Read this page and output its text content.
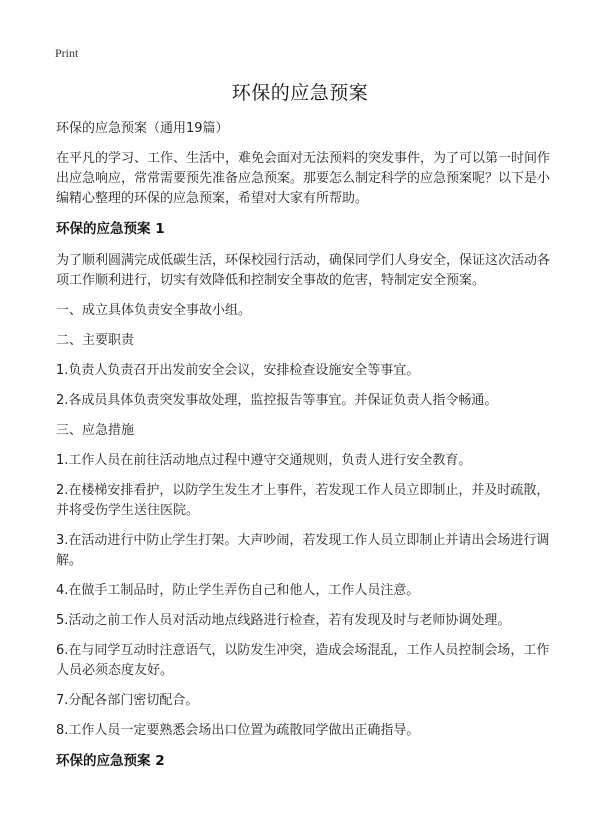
Print
环保的应急预案

环保的应急预案（通用19篇）

在平凡的学习、工作、生活中，难免会面对无法预料的突发事件，为了可以第一时间作出应急响应，常常需要预先准备应急预案。那要怎么制定科学的应急预案呢？以下是小编精心整理的环保的应急预案，希望对大家有所帮助。

环保的应急预案 1

为了顺利圆满完成低碳生活，环保校园行活动，确保同学们人身安全，保证这次活动各项工作顺利进行，切实有效降低和控制安全事故的危害，特制定安全预案。

一、成立具体负责安全事故小组。

二、主要职责

1.负责人负责召开出发前安全会议，安排检查设施安全等事宜。

2.各成员具体负责突发事故处理，监控报告等事宜。并保证负责人指令畅通。

三、应急措施

1.工作人员在前往活动地点过程中遵守交通规则，负责人进行安全教育。

2.在楼梯安排看护，以防学生发生才上事件，若发现工作人员立即制止，并及时疏散，并将受伤学生送往医院。

3.在活动进行中防止学生打架。大声吵闹，若发现工作人员立即制止并请出会场进行调解。

4.在做手工制品时，防止学生弄伤自己和他人，工作人员注意。

5.活动之前工作人员对活动地点线路进行检查，若有发现及时与老师协调处理。

6.在与同学互动时注意语气，以防发生冲突，造成会场混乱，工作人员控制会场，工作人员必须态度友好。

7.分配各部门密切配合。

8.工作人员一定要熟悉会场出口位置为疏散同学做出正确指导。

环保的应急预案 2
